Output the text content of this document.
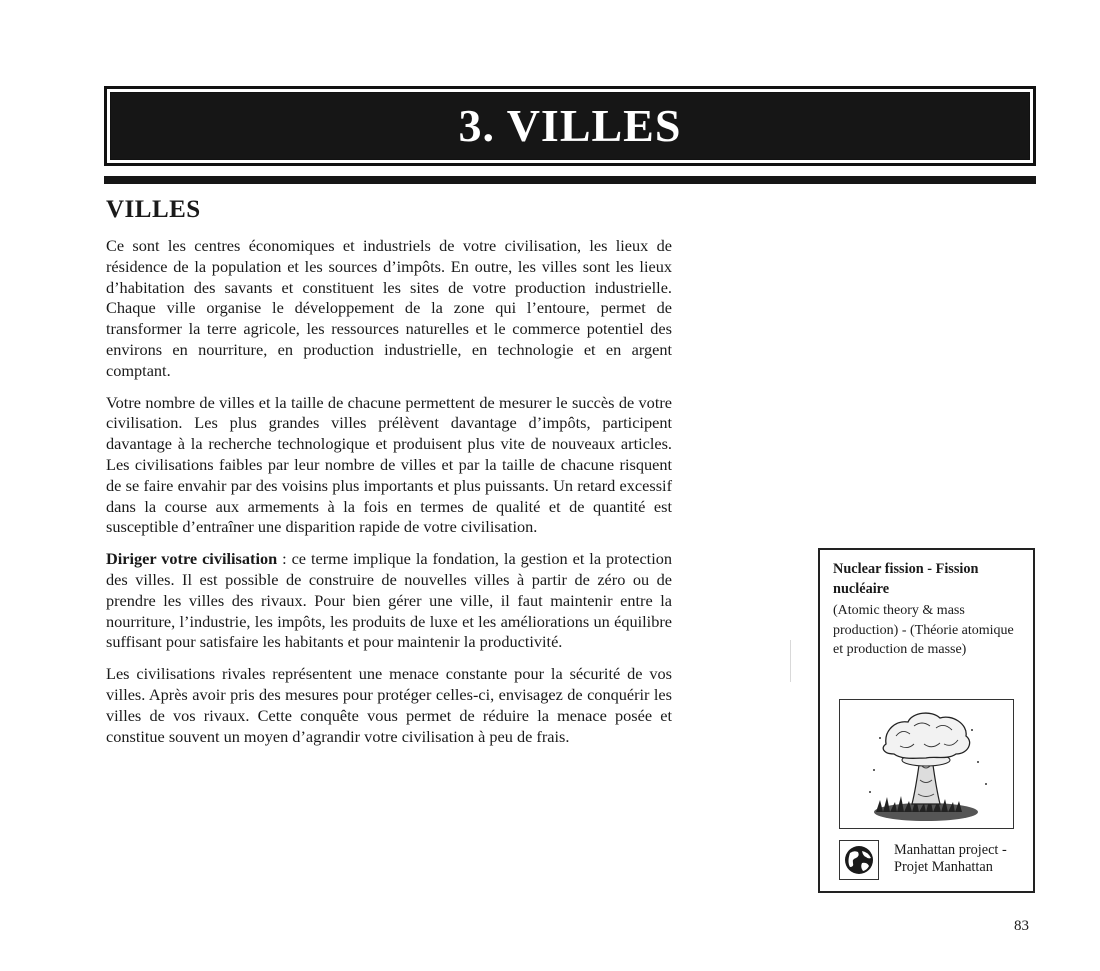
3. VILLES
VILLES

Ce sont les centres économiques et industriels de votre civilisation, les lieux de résidence de la population et les sources d’impôts. En outre, les villes sont les lieux d’habitation des savants et constituent les sites de votre production industrielle. Chaque ville organise le développement de la zone qui l’entoure, permet de transformer la terre agricole, les ressources naturelles et le commerce potentiel des environs en nourriture, en production industrielle, en technologie et en argent comptant.

Votre nombre de villes et la taille de chacune permettent de mesurer le succès de votre civilisation. Les plus grandes villes prélèvent davantage d’impôts, participent davantage à la recherche technologique et produisent plus vite de nouveaux articles. Les civilisations faibles par leur nombre de villes et par la taille de chacune risquent de se faire envahir par des voisins plus importants et plus puissants. Un retard excessif dans la course aux armements à la fois en termes de qualité et de quantité est susceptible d’entraîner une disparition rapide de votre civilisation.

Diriger votre civilisation : ce terme implique la fondation, la gestion et la protection des villes. Il est possible de construire de nouvelles villes à partir de zéro ou de prendre les villes des rivaux. Pour bien gérer une ville, il faut maintenir entre la nourriture, l’industrie, les impôts, les produits de luxe et les améliorations un équilibre suffisant pour satisfaire les habitants et pour maintenir la productivité.

Les civilisations rivales représentent une menace constante pour la sécurité de vos villes. Après avoir pris des mesures pour protéger celles-ci, envisagez de conquérir les villes de vos rivaux. Cette conquête vous permet de réduire la menace posée et constitue souvent un moyen d’agrandir votre civilisation à peu de frais.

Nuclear fission - Fission nucléaire
(Atomic theory & mass production) - (Théorie atomique et production de masse)
Manhattan project - Projet Manhattan
83
